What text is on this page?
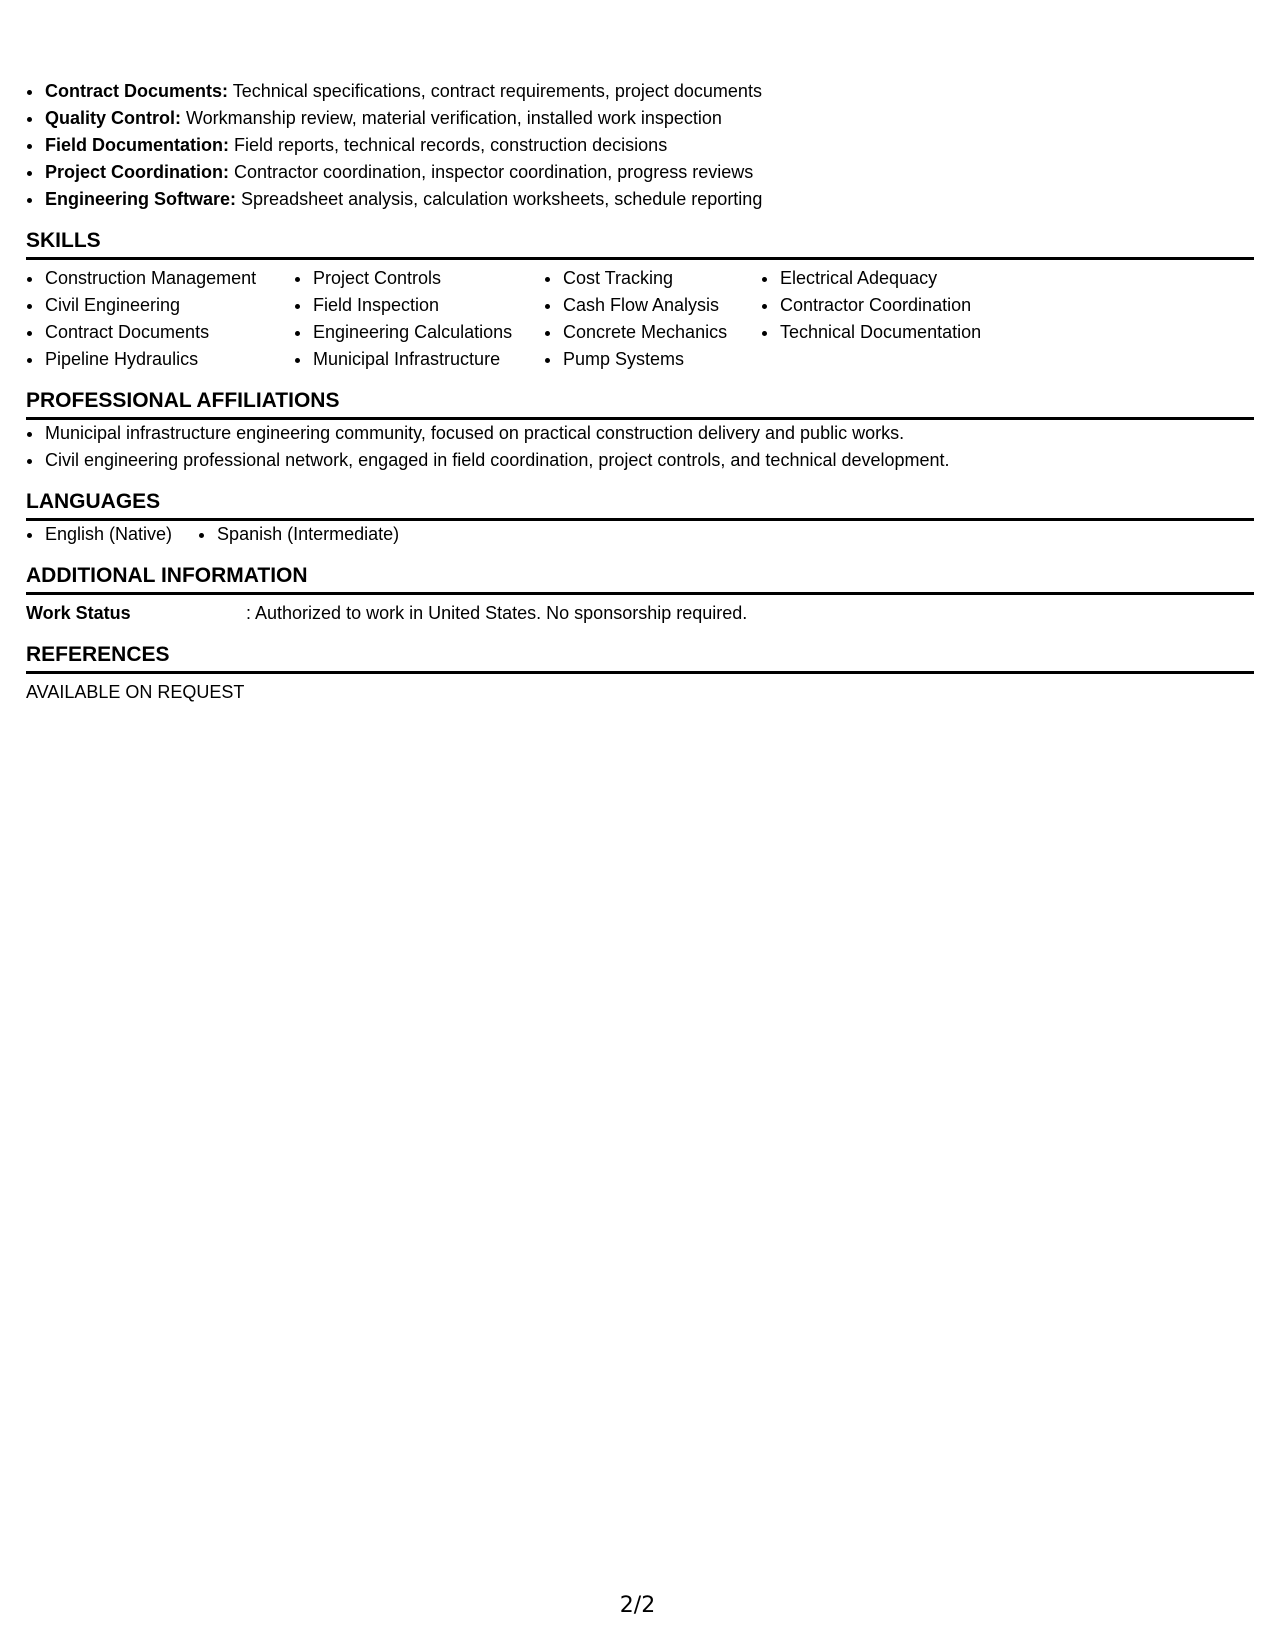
• Contract Documents: Technical specifications, contract requirements, project documents
• Quality Control: Workmanship review, material verification, installed work inspection
• Field Documentation: Field reports, technical records, construction decisions
• Project Coordination: Contractor coordination, inspector coordination, progress reviews
• Engineering Software: Spreadsheet analysis, calculation worksheets, schedule reporting
SKILLS
• Construction Management
• Civil Engineering
• Contract Documents
• Pipeline Hydraulics
• Project Controls
• Field Inspection
• Engineering Calculations
• Municipal Infrastructure
• Cost Tracking
• Cash Flow Analysis
• Concrete Mechanics
• Pump Systems
• Electrical Adequacy
• Contractor Coordination
• Technical Documentation
PROFESSIONAL AFFILIATIONS
• Municipal infrastructure engineering community, focused on practical construction delivery and public works.
• Civil engineering professional network, engaged in field coordination, project controls, and technical development.
LANGUAGES
• English (Native)
•	Spanish (Intermediate)
ADDITIONAL INFORMATION
Work Status	: Authorized to work in United States. No sponsorship required.
REFERENCES
AVAILABLE ON REQUEST
2/2
